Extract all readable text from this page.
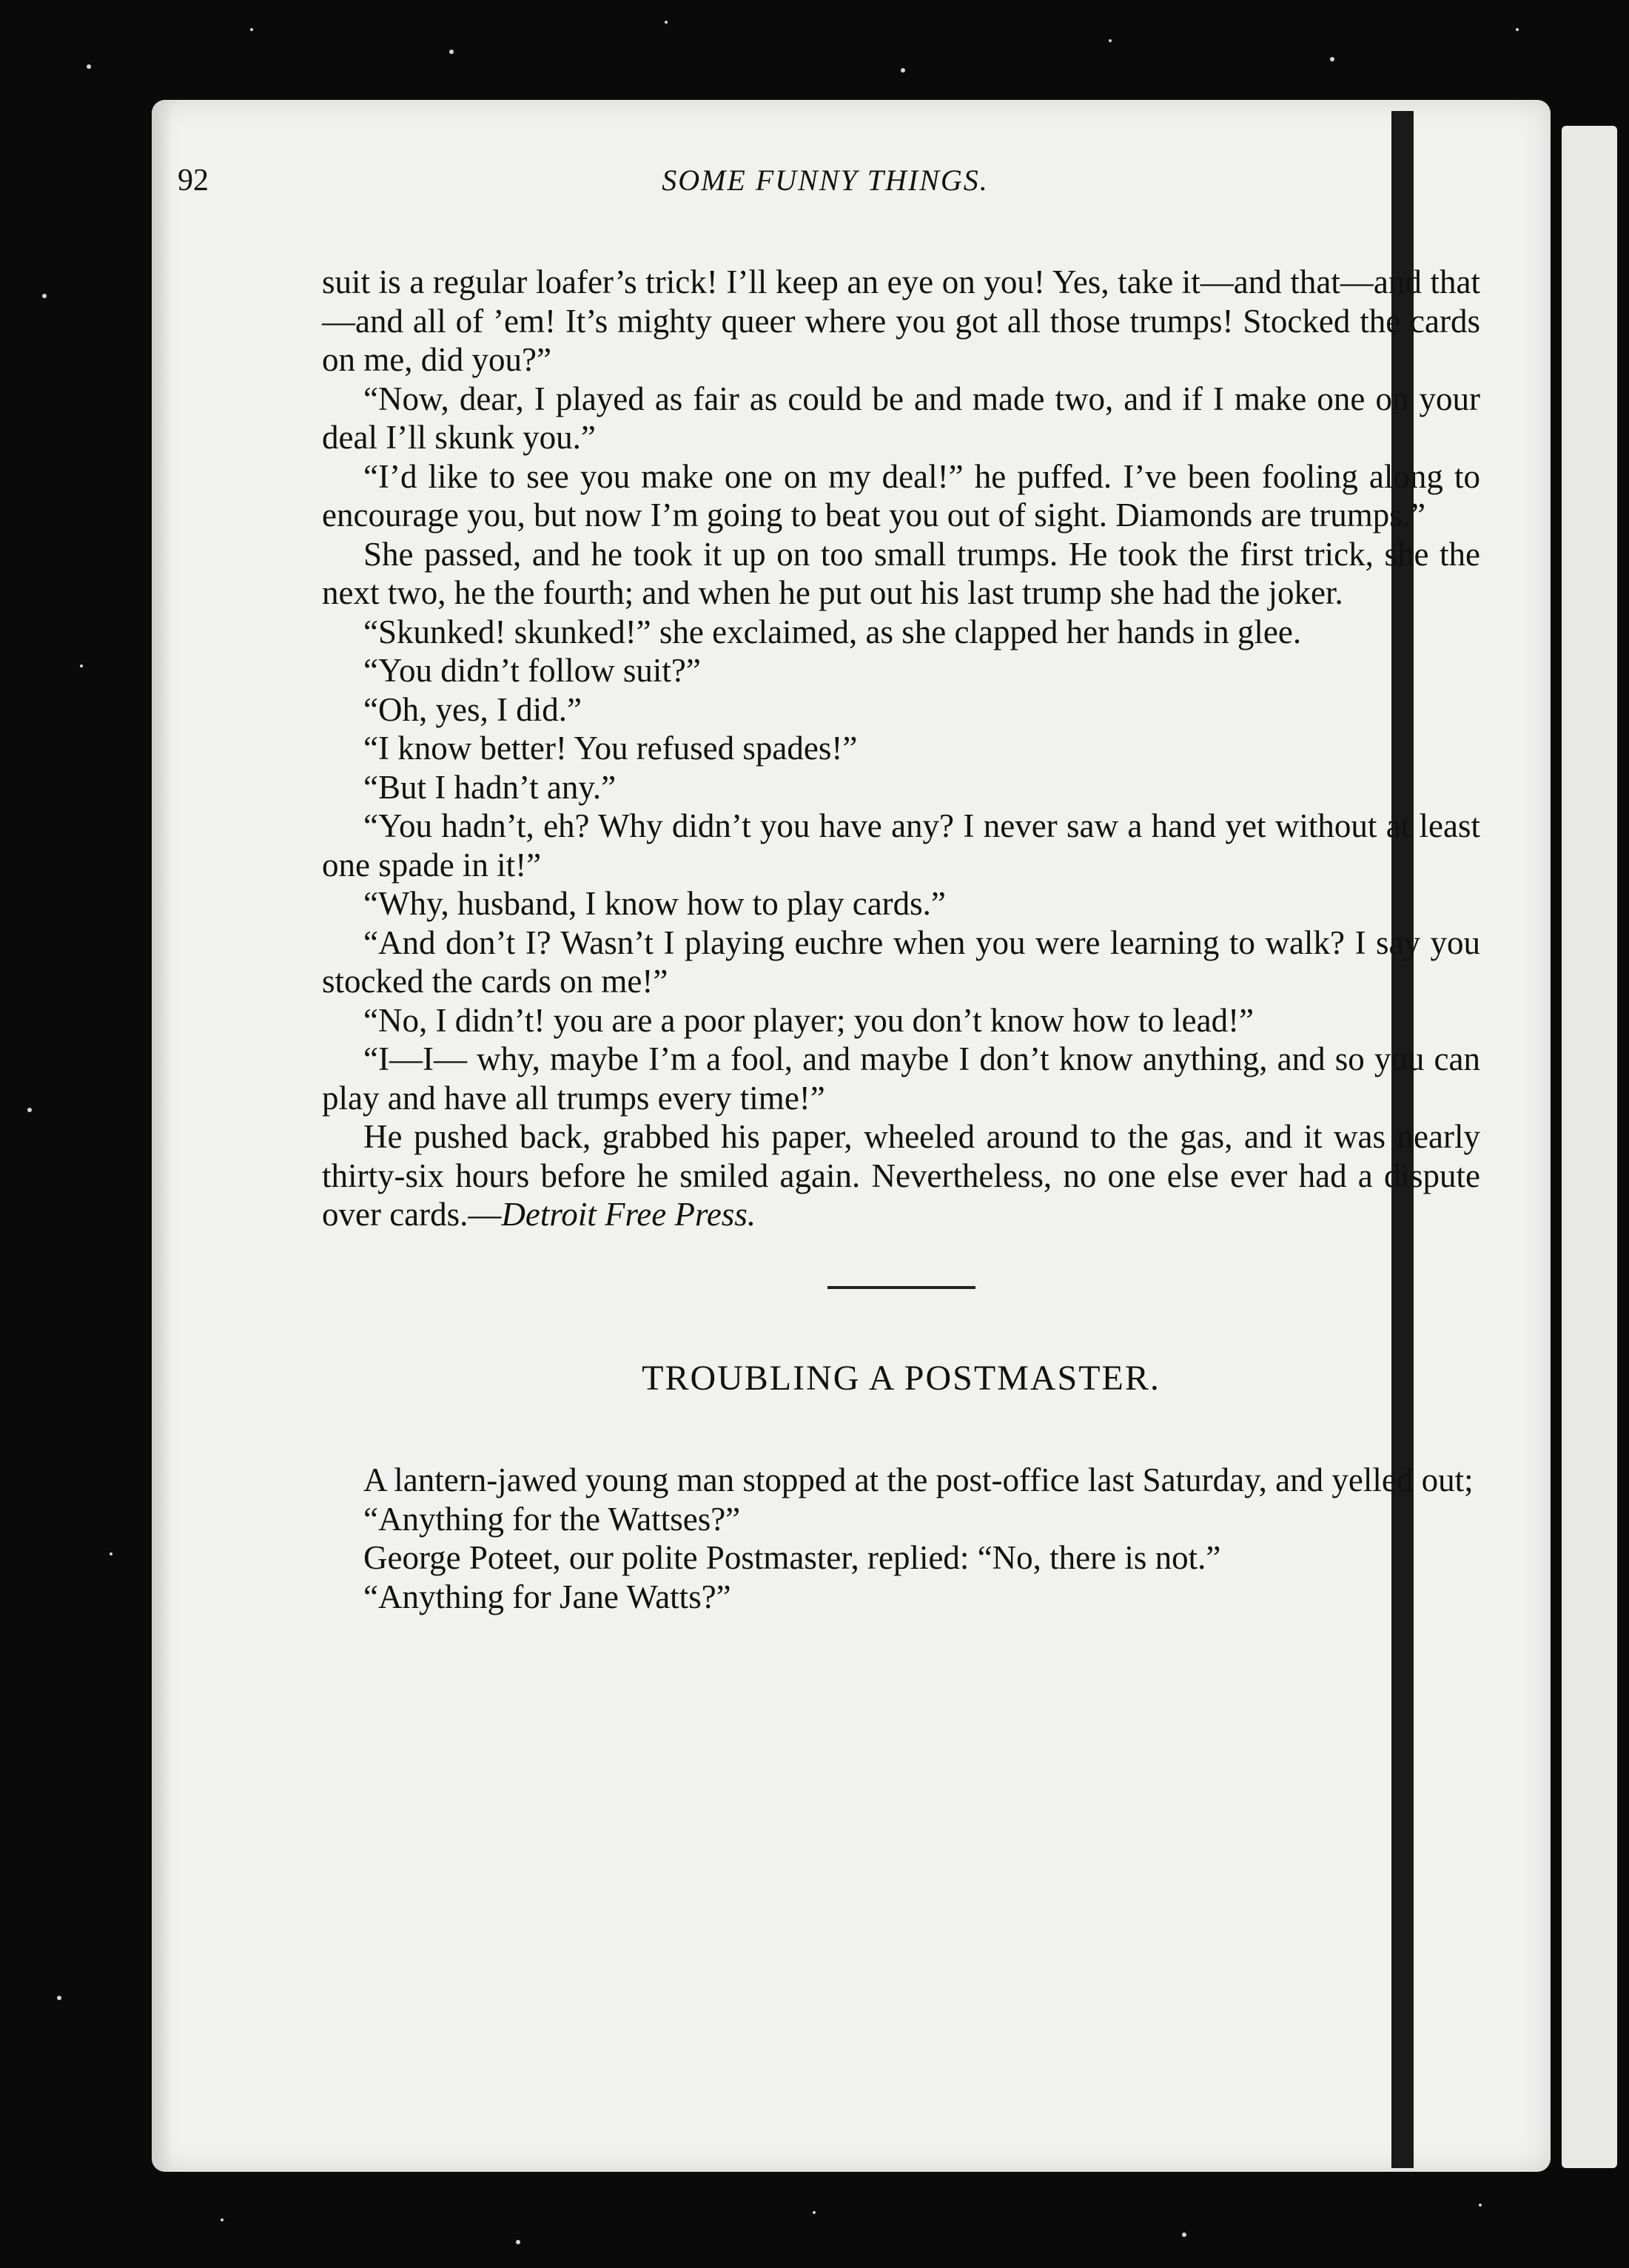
92	SOME FUNNY THINGS.

suit is a regular loafer’s trick! I’ll keep an eye on you! Yes, take it—and that—and that—and all of ’em! It’s mighty queer where you got all those trumps! Stocked the cards on me, did you?”

“Now, dear, I played as fair as could be and made two, and if I make one on your deal I’ll skunk you.”

“I’d like to see you make one on my deal!” he puffed. I’ve been fooling along to encourage you, but now I’m going to beat you out of sight. Diamonds are trumps.”

She passed, and he took it up on too small trumps. He took the first trick, she the next two, he the fourth; and when he put out his last trump she had the joker.

“Skunked! skunked!” she exclaimed, as she clapped her hands in glee.

“You didn’t follow suit?”

“Oh, yes, I did.”

“I know better! You refused spades!”

“But I hadn’t any.”

“You hadn’t, eh? Why didn’t you have any? I never saw a hand yet without at least one spade in it!”

“Why, husband, I know how to play cards.”

“And don’t I? Wasn’t I playing euchre when you were learning to walk? I say you stocked the cards on me!”

“No, I didn’t! you are a poor player; you don’t know how to lead!”

“I—I— why, maybe I’m a fool, and maybe I don’t know anything, and so you can play and have all trumps every time!”

He pushed back, grabbed his paper, wheeled around to the gas, and it was nearly thirty-six hours before he smiled again. Nevertheless, no one else ever had a dispute over cards.—Detroit Free Press.

TROUBLING A POSTMASTER.

A lantern-jawed young man stopped at the post-office last Saturday, and yelled out;

“Anything for the Wattses?”

George Poteet, our polite Postmaster, replied: “No, there is not.”

“Anything for Jane Watts?”
